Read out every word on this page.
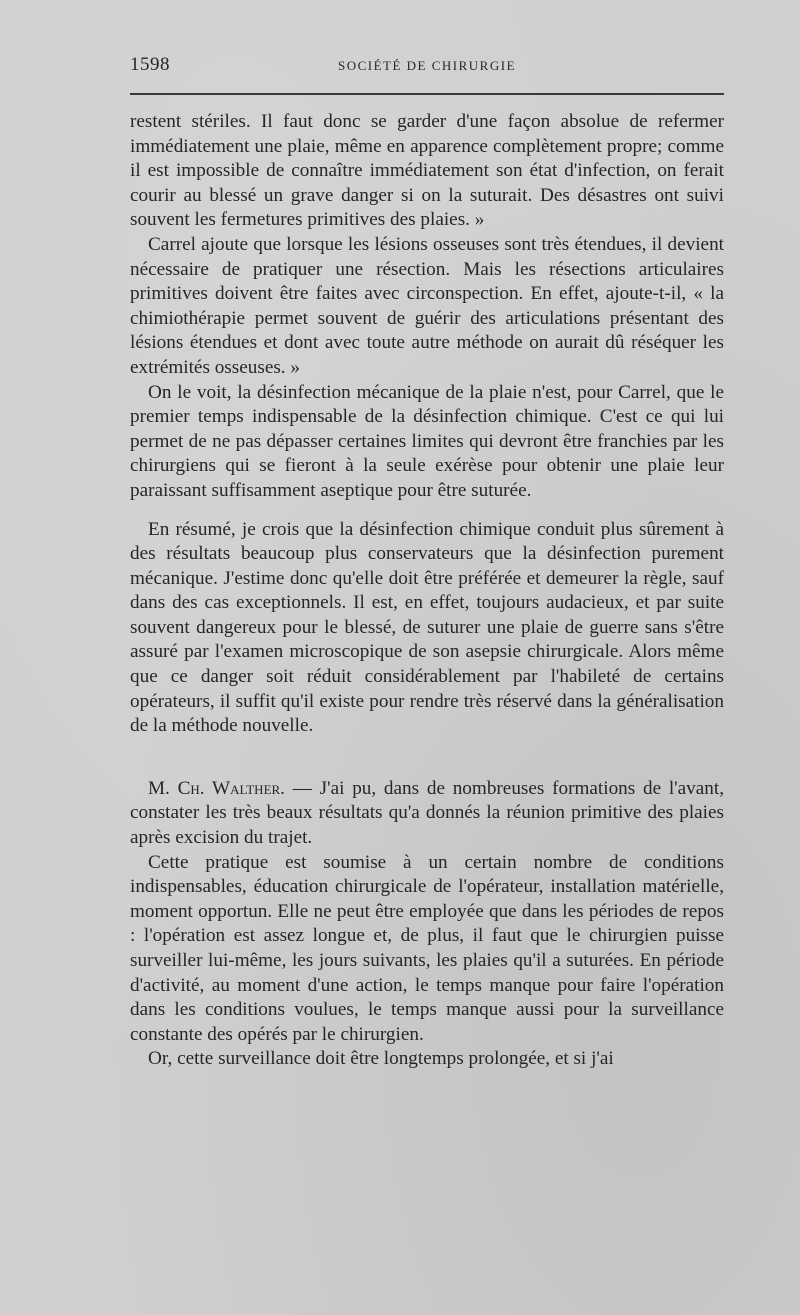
1598	SOCIÉTÉ DE CHIRURGIE

restent stériles. Il faut donc se garder d'une façon absolue de refermer immédiatement une plaie, même en apparence complètement propre; comme il est impossible de connaître immédiatement son état d'infection, on ferait courir au blessé un grave danger si on la suturait. Des désastres ont suivi souvent les fermetures primitives des plaies. »

Carrel ajoute que lorsque les lésions osseuses sont très étendues, il devient nécessaire de pratiquer une résection. Mais les résections articulaires primitives doivent être faites avec circonspection. En effet, ajoute-t-il, « la chimiothérapie permet souvent de guérir des articulations présentant des lésions étendues et dont avec toute autre méthode on aurait dû réséquer les extrémités osseuses. »

On le voit, la désinfection mécanique de la plaie n'est, pour Carrel, que le premier temps indispensable de la désinfection chimique. C'est ce qui lui permet de ne pas dépasser certaines limites qui devront être franchies par les chirurgiens qui se fieront à la seule exérèse pour obtenir une plaie leur paraissant suffisamment aseptique pour être suturée.

En résumé, je crois que la désinfection chimique conduit plus sûrement à des résultats beaucoup plus conservateurs que la désinfection purement mécanique. J'estime donc qu'elle doit être préférée et demeurer la règle, sauf dans des cas exceptionnels. Il est, en effet, toujours audacieux, et par suite souvent dangereux pour le blessé, de suturer une plaie de guerre sans s'être assuré par l'examen microscopique de son asepsie chirurgicale. Alors même que ce danger soit réduit considérablement par l'habileté de certains opérateurs, il suffit qu'il existe pour rendre très réservé dans la généralisation de la méthode nouvelle.

M. Ch. Walther. — J'ai pu, dans de nombreuses formations de l'avant, constater les très beaux résultats qu'a donnés la réunion primitive des plaies après excision du trajet.

Cette pratique est soumise à un certain nombre de conditions indispensables, éducation chirurgicale de l'opérateur, installation matérielle, moment opportun. Elle ne peut être employée que dans les périodes de repos : l'opération est assez longue et, de plus, il faut que le chirurgien puisse surveiller lui-même, les jours suivants, les plaies qu'il a suturées. En période d'activité, au moment d'une action, le temps manque pour faire l'opération dans les conditions voulues, le temps manque aussi pour la surveillance constante des opérés par le chirurgien.

Or, cette surveillance doit être longtemps prolongée, et si j'ai
